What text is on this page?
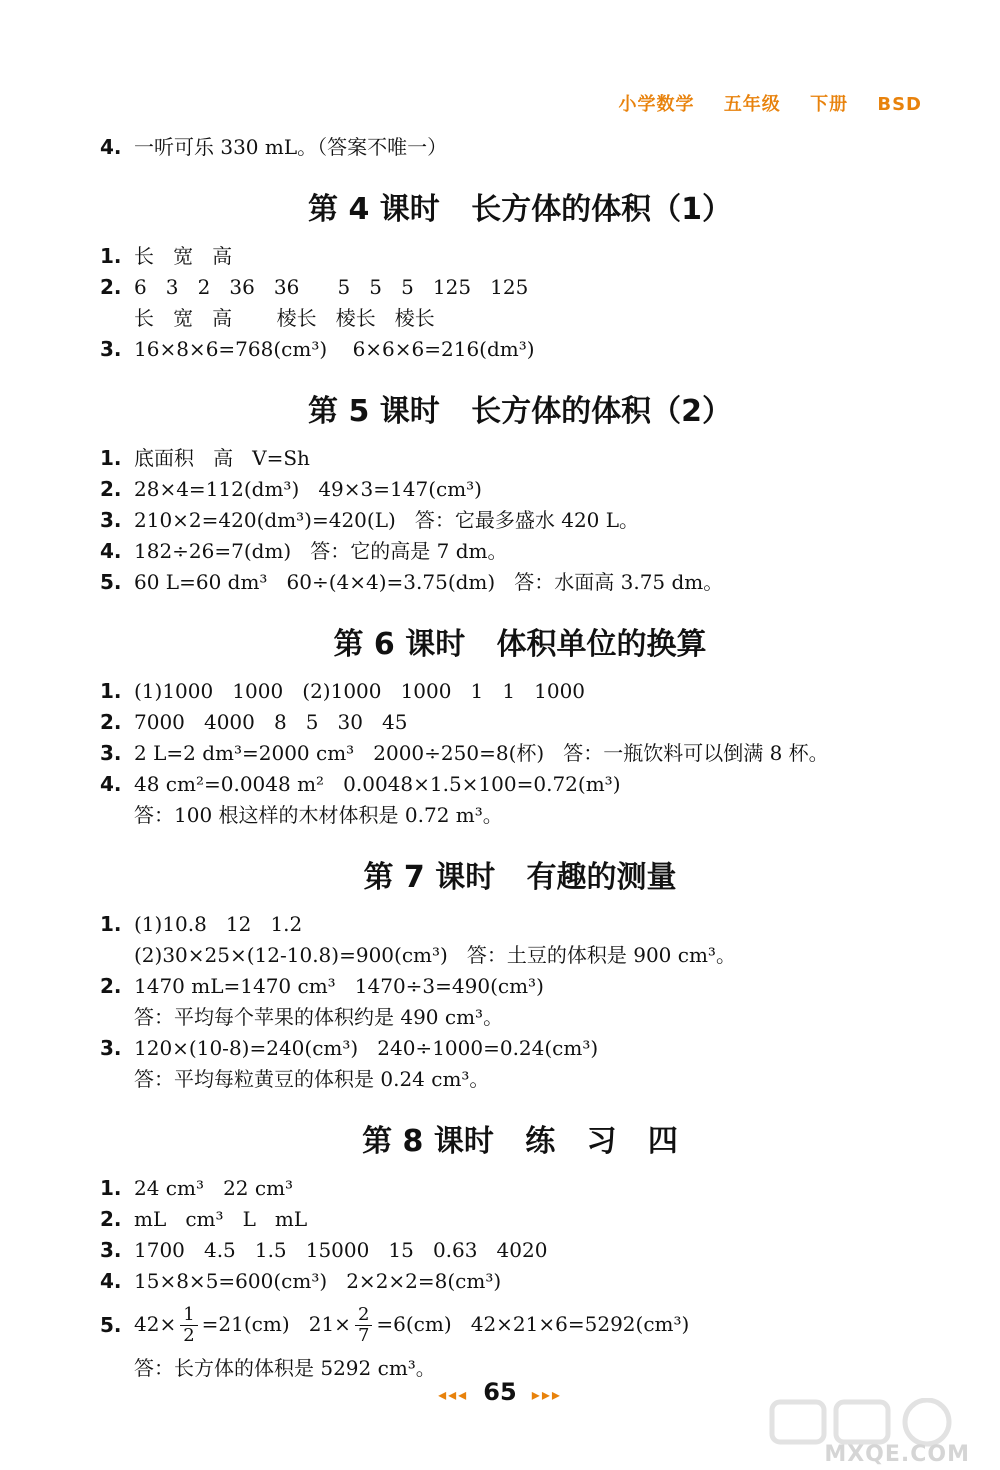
小学数学 五年级 下册 BSD
4. 一听可乐 330 mL。（答案不唯一）
第 4 课时   长方体的体积（1）
1. 长   宽   高
2. 6   3   2   36   36      5   5   5   125   125
长   宽   高       棱长   棱长   棱长
3. 16×8×6=768(cm³)    6×6×6=216(dm³)
第 5 课时   长方体的体积（2）
1. 底面积   高   V=Sh
2. 28×4=112(dm³)   49×3=147(cm³)
3. 210×2=420(dm³)=420(L)   答：它最多盛水 420 L。
4. 182÷26=7(dm)   答：它的高是 7 dm。
5. 60 L=60 dm³   60÷(4×4)=3.75(dm)   答：水面高 3.75 dm。
第 6 课时   体积单位的换算
1. (1)1000   1000   (2)1000   1000   1   1   1000
2. 7000   4000   8   5   30   45
3. 2 L=2 dm³=2000 cm³   2000÷250=8(杯)   答：一瓶饮料可以倒满 8 杯。
4. 48 cm²=0.0048 m²   0.0048×1.5×100=0.72(m³)
答：100 根这样的木材体积是 0.72 m³。
第 7 课时   有趣的测量
1. (1)10.8   12   1.2
(2)30×25×(12-10.8)=900(cm³)   答：土豆的体积是 900 cm³。
2. 1470 mL=1470 cm³   1470÷3=490(cm³)
答：平均每个苹果的体积约是 490 cm³。
3. 120×(10-8)=240(cm³)   240÷1000=0.24(cm³)
答：平均每粒黄豆的体积是 0.24 cm³。
第 8 课时   练   习   四
1. 24 cm³   22 cm³
2. mL   cm³   L   mL
3. 1700   4.5   1.5   15000   15   0.63   4020
4. 15×8×5=600(cm³)   2×2×2=8(cm³)
5. $42\times \frac{1}{2} =21(cm)$   $21\times \frac{2}{7} =6(cm)$   42×21×6=5292(cm³)
答：长方体的体积是 5292 cm³。
◂◂◂ 65 ▸▸▸
MXQE.COM
